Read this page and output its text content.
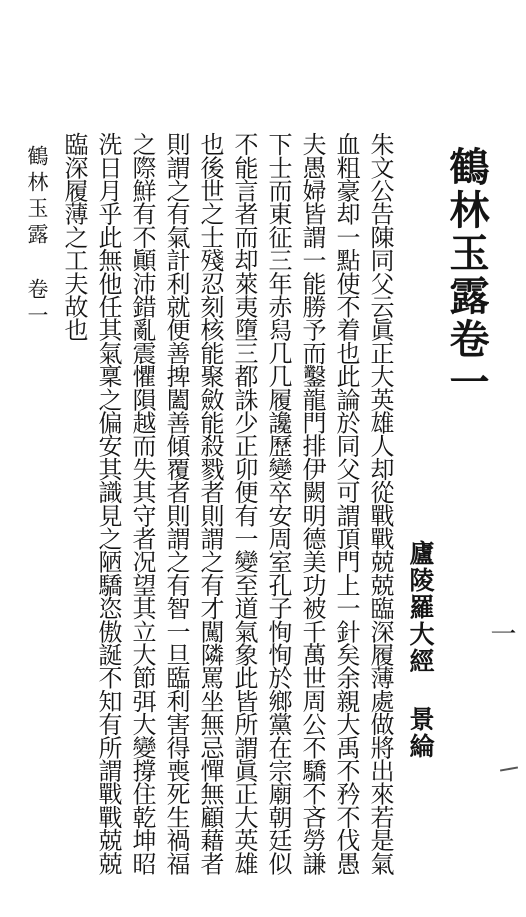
鶴林玉露卷一
廬陵羅大經 景綸
朱文公告陳同父云眞正大英雄人却從戰戰兢兢臨深履薄處做將出來若是氣
血粗豪却一點使不着也此論於同父可謂頂門上一針矣余親大禹不矜不伐愚
夫愚婦皆謂一能勝予而鑿龍門排伊闕明德美功被千萬世周公不驕不吝勞謙
下士而東征三年赤舄几几履讒歷變卒安周室孔子恂恂於鄉黨在宗廟朝廷似
不能言者而却萊夷墮三都誅少正卯便有一變至道氣象此皆所謂眞正大英雄
也後世之士殘忍刻核能聚斂能殺戮者則謂之有才闖隣罵坐無忌憚無顧藉者
則謂之有氣計利就便善捭闔善傾覆者則謂之有智一旦臨利害得喪死生禍福
之際鮮有不顚沛錯亂震懼隕越而失其守者况望其立大節弭大變撐住乾坤昭
洗日月乎此無他任其氣稟之偏安其識見之陋驕恣傲誕不知有所謂戰戰兢兢
臨深履薄之工夫故也
鶴林玉露 卷一
一
